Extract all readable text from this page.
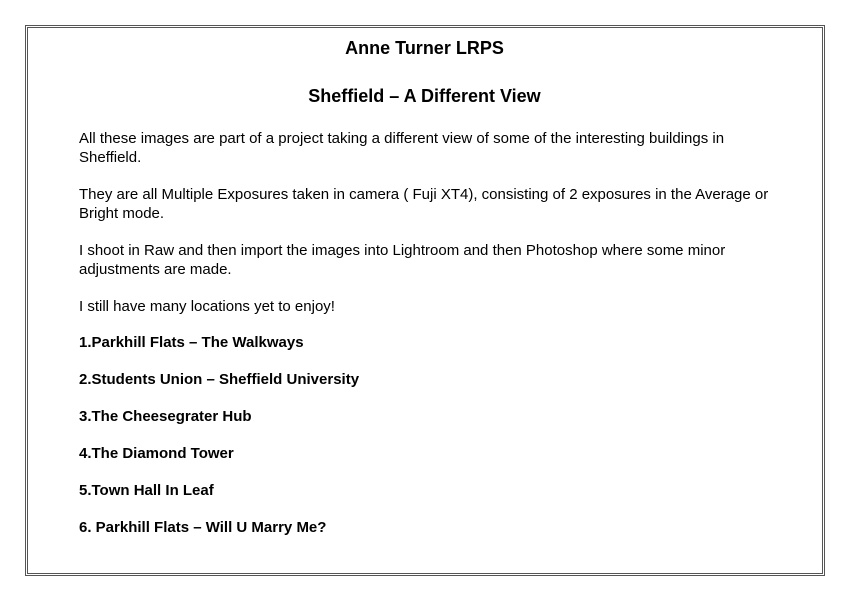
Anne Turner LRPS
Sheffield – A Different View

All these images are part of a project taking a different view of some of the interesting buildings in Sheffield.

They are all Multiple Exposures taken in camera ( Fuji XT4), consisting of 2 exposures in the Average or Bright mode.

I shoot in Raw and then import the images into Lightroom and then Photoshop where some minor adjustments are made.

I still have many locations yet to enjoy!

1.Parkhill Flats – The Walkways

2.Students Union – Sheffield University

3.The Cheesegrater Hub

4.The Diamond Tower

5.Town Hall In Leaf

6. Parkhill Flats – Will U Marry Me?
